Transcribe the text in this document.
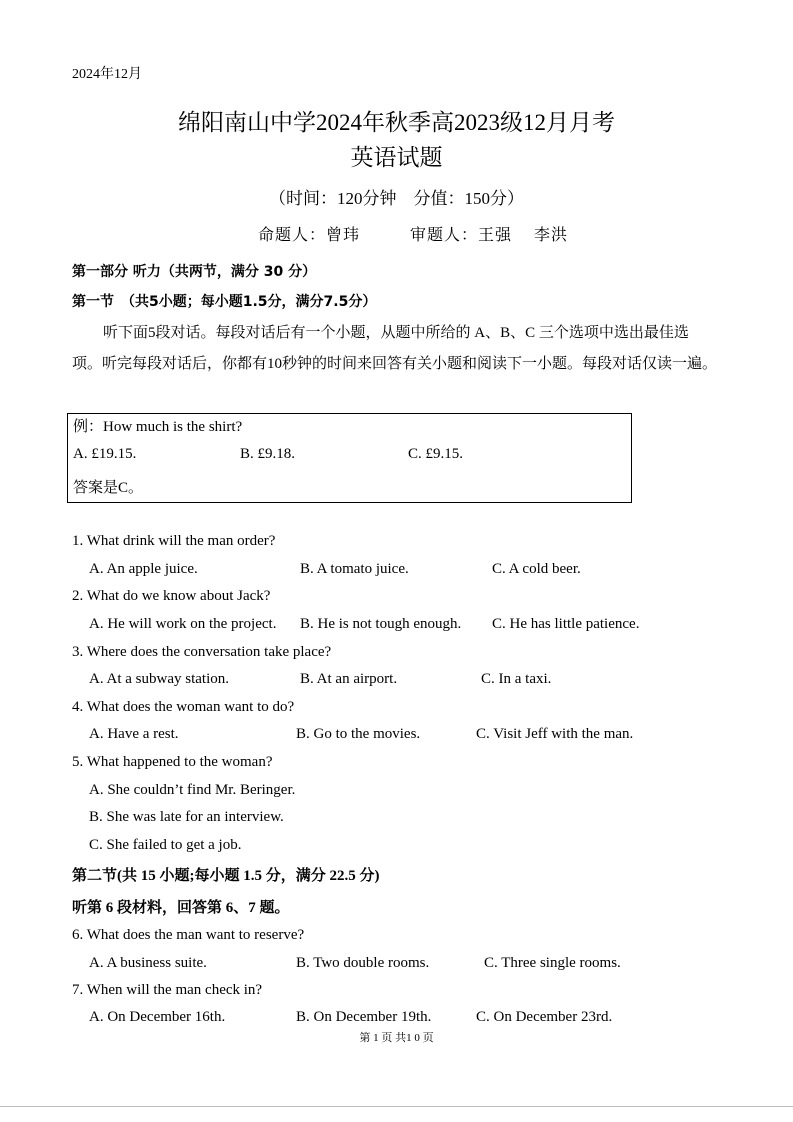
2024年12月
绵阳南山中学2024年秋季高2023级12月月考
英语试题
（时间：120分钟　分值：150分）
命题人：曾玮	审题人：王强 李洪
第一部分 听力（共两节，满分 30 分）
第一节　（共5小题；每小题1.5分，满分7.5分）
听下面5段对话。每段对话后有一个小题，从题中所给的 A、B、C 三个选项中选出最佳选项。听完每段对话后，你都有10秒钟的时间来回答有关小题和阅读下一小题。每段对话仅读一遍。
例：How much is the shirt?
A. £19.15.	B. £9.18.	C. £9.15.
答案是C。
1. What drink will the man order?
A. An apple juice.	B. A tomato juice.	C. A cold beer.
2. What do we know about Jack?
A. He will work on the project. B. He is not tough enough. C. He has little patience.
3. Where does the conversation take place?
A. At a subway station.	B. At an airport.	C. In a taxi.
4. What does the woman want to do?
A. Have a rest.	B. Go to the movies.	C. Visit Jeff with the man.
5. What happened to the woman?
A. She couldn’t find Mr. Beringer.
B. She was late for an interview.
C. She failed to get a job.
第二节(共 15 小题;每小题 1.5 分，满分 22.5 分)
听第 6 段材料，回答第 6、7 题。
6. What does the man want to reserve?
A. A business suite.	B. Two double rooms.	C. Three single rooms.
7. When will the man check in?
A. On December 16th.	B. On December 19th.	C. On December 23rd.
第 1 页 共1 0 页
